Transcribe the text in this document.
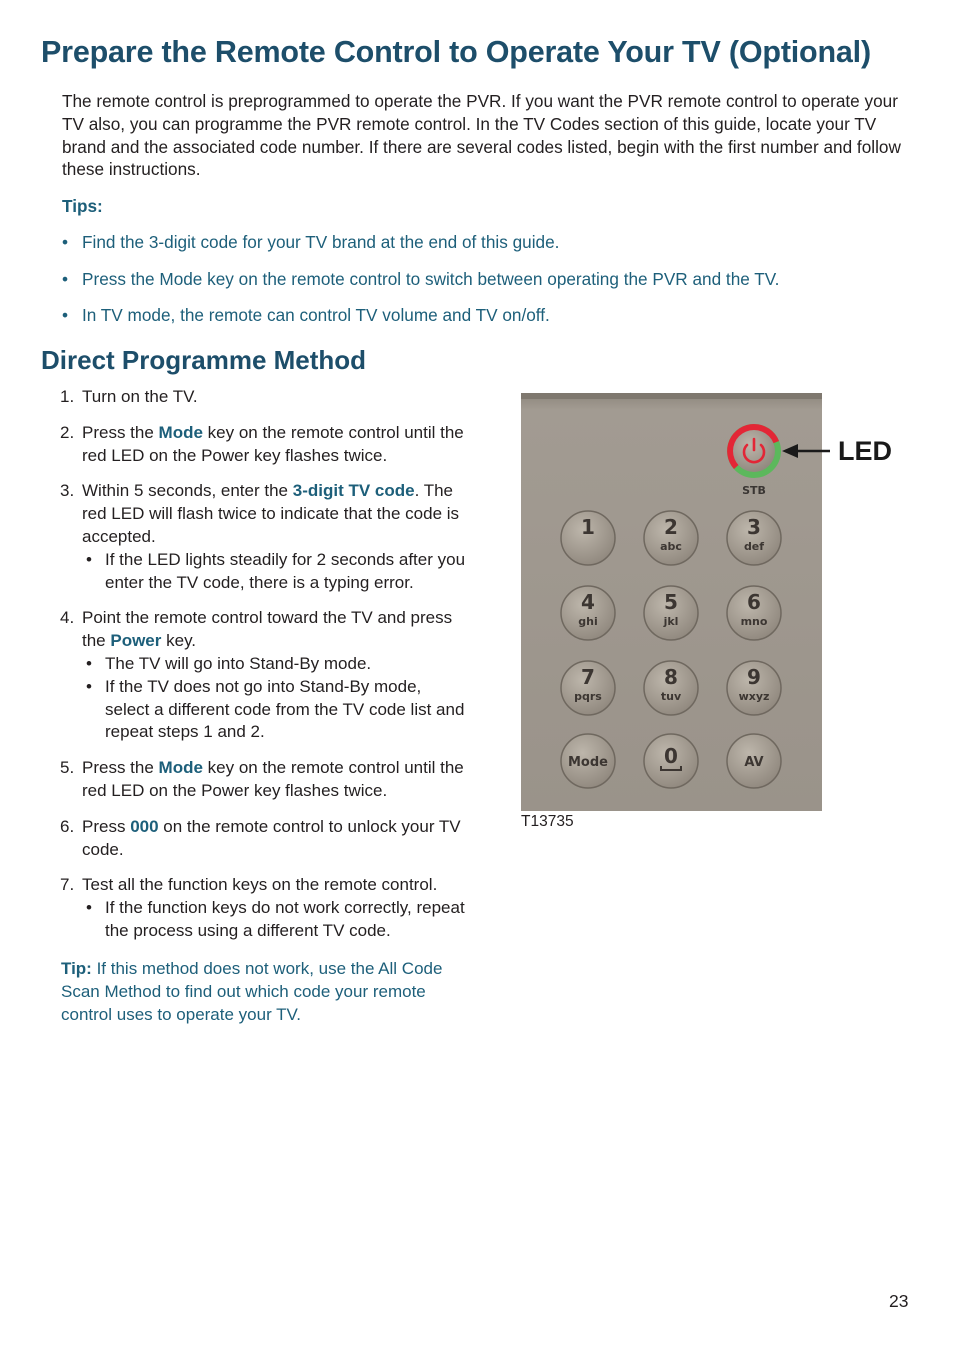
Prepare the Remote Control to Operate Your TV (Optional)

The remote control is preprogrammed to operate the PVR. If you want the PVR remote control to operate your TV also, you can programme the PVR remote control. In the TV Codes section of this guide, locate your TV brand and the associated code number. If there are several codes listed, begin with the first number and follow these instructions.

Tips:
• Find the 3-digit code for your TV brand at the end of this guide.
• Press the Mode key on the remote control to switch between operating the PVR and the TV.
• In TV mode, the remote can control TV volume and TV on/off.
Direct Programme Method
1. Turn on the TV.
2. Press the Mode key on the remote control until the red LED on the Power key flashes twice.
3. Within 5 seconds, enter the 3-digit TV code. The red LED will flash twice to indicate that the code is accepted.
• If the LED lights steadily for 2 seconds after you enter the TV code, there is a typing error.
4. Point the remote control toward the TV and press the Power key.
• The TV will go into Stand-By mode.
• If the TV does not go into Stand-By mode, select a different code from the TV code list and repeat steps 1 and 2.
5. Press the Mode key on the remote control until the red LED on the Power key flashes twice.
6. Press 000 on the remote control to unlock your TV code.
7. Test all the function keys on the remote control.
• If the function keys do not work correctly, repeat the process using a different TV code.
Tip: If this method does not work, use the All Code Scan Method to find out which code your remote control uses to operate your TV.
STB
LED
1	2
abc
3
def
4
ghi
5
jkl
6
mno
7
pqrs
8
tuv
9
wxyz
Mode	0	AV
T13735
23
